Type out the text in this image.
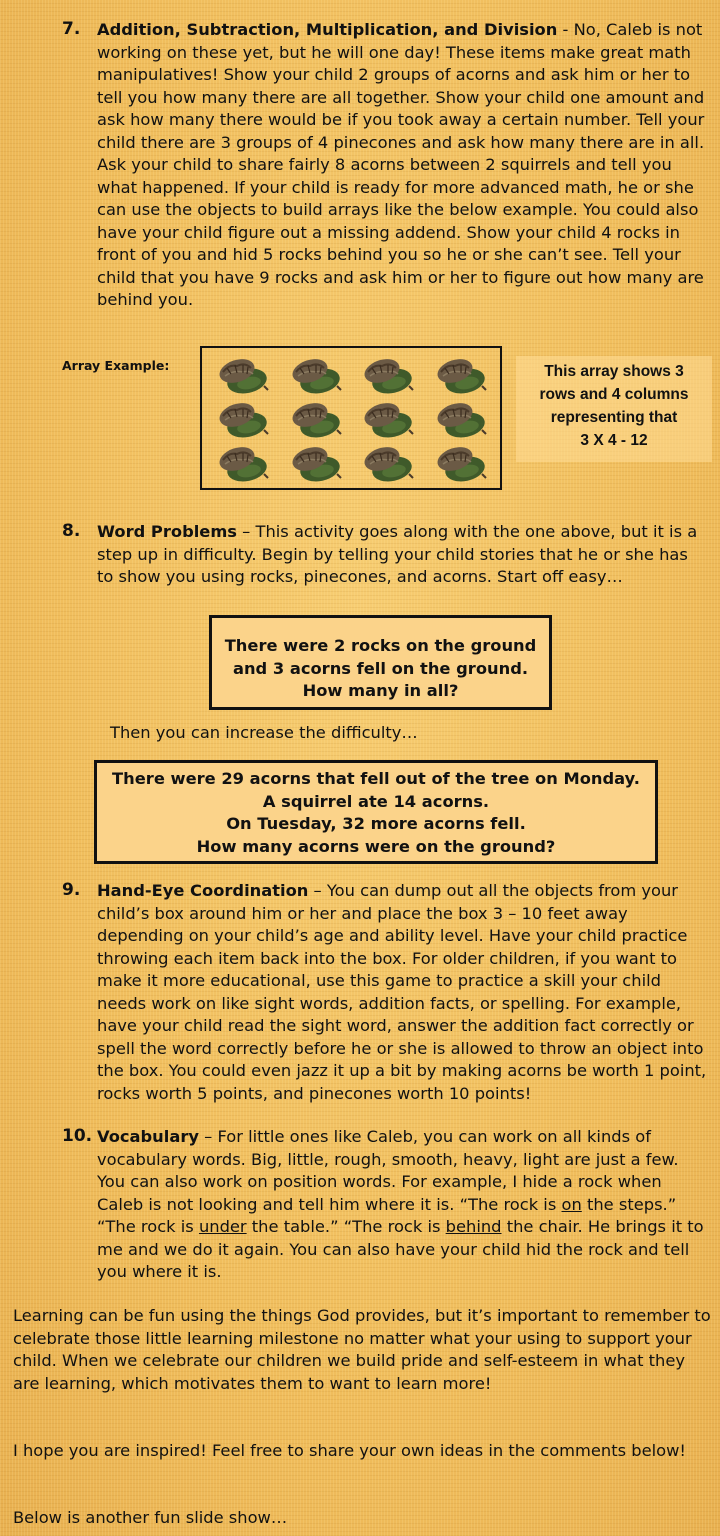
7. Addition, Subtraction, Multiplication, and Division - No, Caleb is not working on these yet, but he will one day! These items make great math manipulatives! Show your child 2 groups of acorns and ask him or her to tell you how many there are all together. Show your child one amount and ask how many there would be if you took away a certain number. Tell your child there are 3 groups of 4 pinecones and ask how many there are in all. Ask your child to share fairly 8 acorns between 2 squirrels and tell you what happened. If your child is ready for more advanced math, he or she can use the objects to build arrays like the below example. You could also have your child figure out a missing addend. Show your child 4 rocks in front of you and hid 5 rocks behind you so he or she can’t see. Tell your child that you have 9 rocks and ask him or her to figure out how many are behind you.
Array Example:	This array shows 3
rows and 4 columns
representing that
3 X 4 - 12
8. Word Problems – This activity goes along with the one above, but it is a step up in difficulty. Begin by telling your child stories that he or she has to show you using rocks, pinecones, and acorns. Start off easy…
There were 2 rocks on the ground
and 3 acorns fell on the ground.
How many in all?
Then you can increase the difficulty…
There were 29 acorns that fell out of the tree on Monday.
A squirrel ate 14 acorns.
On Tuesday, 32 more acorns fell.
How many acorns were on the ground?
9. Hand-Eye Coordination – You can dump out all the objects from your child’s box around him or her and place the box 3 – 10 feet away depending on your child’s age and ability level. Have your child practice throwing each item back into the box. For older children, if you want to make it more educational, use this game to practice a skill your child needs work on like sight words, addition facts, or spelling. For example, have your child read the sight word, answer the addition fact correctly or spell the word correctly before he or she is allowed to throw an object into the box. You could even jazz it up a bit by making acorns be worth 1 point, rocks worth 5 points, and pinecones worth 10 points!
10. Vocabulary – For little ones like Caleb, you can work on all kinds of vocabulary words. Big, little, rough, smooth, heavy, light are just a few. You can also work on position words. For example, I hide a rock when Caleb is not looking and tell him where it is. “The rock is on the steps.” “The rock is under the table.” “The rock is behind the chair. He brings it to me and we do it again. You can also have your child hid the rock and tell you where it is.
Learning can be fun using the things God provides, but it’s important to remember to celebrate those little learning milestone no matter what your using to support your child. When we celebrate our children we build pride and self-esteem in what they are learning, which motivates them to want to learn more!
I hope you are inspired! Feel free to share your own ideas in the comments below!
Below is another fun slide show…
